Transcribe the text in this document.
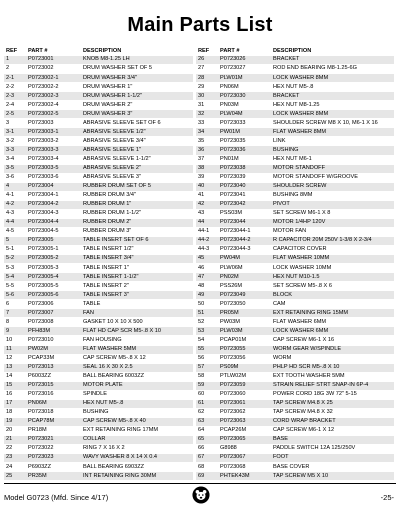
Main Parts List
REF	PART #	DESCRIPTION
1	P0723001	KNOB M8-1.25 LH
2	P0723002	DRUM WASHER SET OF 5
2-1	P0723002-1	DRUM WASHER 3/4"
2-2	P0723002-2	DRUM WASHER 1"
2-3	P0723002-3	DRUM WASHER 1-1/2"
2-4	P0723002-4	DRUM WASHER 2"
2-5	P0723002-5	DRUM WASHER 3"
3	P0723003	ABRASIVE SLEEVE SET OF 6
3-1	P0723003-1	ABRASIVE SLEEVE 1/2"
3-2	P0723003-2	ABRASIVE SLEEVE 3/4"
3-3	P0723003-3	ABRASIVE SLEEVE 1"
3-4	P0723003-4	ABRASIVE SLEEVE 1-1/2"
3-5	P0723003-5	ABRASIVE SLEEVE 2"
3-6	P0723003-6	ABRASIVE SLEEVE 3"
4	P0723004	RUBBER DRUM SET OF 5
4-1	P0723004-1	RUBBER DRUM 3/4"
4-2	P0723004-2	RUBBER DRUM 1"
4-3	P0723004-3	RUBBER DRUM 1-1/2"
4-4	P0723004-4	RUBBER DRUM 2"
4-5	P0723004-5	RUBBER DRUM 3"
5	P0723005	TABLE INSERT SET OF 6
5-1	P0723005-1	TABLE INSERT 1/2"
5-2	P0723005-2	TABLE INSERT 3/4"
5-3	P0723005-3	TABLE INSERT 1"
5-4	P0723005-4	TABLE INSERT 1-1/2"
5-5	P0723005-5	TABLE INSERT 2"
5-6	P0723005-6	TABLE INSERT 3"
6	P0723006	TABLE
7	P0723007	FAN
8	P0723008	GASKET 10 X 10 X 500
9	PFH83M	FLAT HD CAP SCR M5-.8 X 10
10	P0723010	FAN HOUSING
11	PW02M	FLAT WASHER 5MM
12	PCAP33M	CAP SCREW M5-.8 X 12
13	P0723013	SEAL 16 X 30 X 2.5
14	P6003ZZ	BALL BEARING 6003ZZ
15	P0723015	MOTOR PLATE
16	P0723016	SPINDLE
17	PN06M	HEX NUT M5-.8
18	P0723018	BUSHING
19	PCAP78M	CAP SCREW M5-.8 X 40
20	PR18M	EXT RETAINING RING 17MM
21	P0723021	COLLAR
22	P0723022	RING 7 X 16 X 2
23	P0723023	WAVY WASHER 8 X 14 X 0.4
24	P6903ZZ	BALL BEARING 6903ZZ
25	PR35M	INT RETAINING RING 30MM
REF	PART #	DESCRIPTION
26	P0723026	BRACKET
27	P0723027	ROD END BEARING M8-1.25-6G
28	PLW01M	LOCK WASHER 8MM
29	PN06M	HEX NUT M5-.8
30	P0723030	BRACKET
31	PN03M	HEX NUT M8-1.25
32	PLW04M	LOCK WASHER 8MM
33	P0723033	SHOULDER SCREW M8 X 10, M6-1 X 16
34	PW01M	FLAT WASHER 8MM
35	P0723035	LINK
36	P0723036	BUSHING
37	PN01M	HEX NUT M6-1
38	P0723038	MOTOR STANDOFF
39	P0723039	MOTOR STANDOFF W/GROOVE
40	P0723040	SHOULDER SCREW
41	P0723041	BUSHING 8MM
42	P0723042	PIVOT
43	PSS03M	SET SCREW M6-1 X 8
44	P0723044	MOTOR 1/4HP 120V
44-1	P0723044-1	MOTOR FAN
44-2	P0723044-2	R CAPACITOR 20M 250V 1-3/8 X 2-3/4
44-3	P0723044-3	CAPACITOR COVER
45	PW04M	FLAT WASHER 10MM
46	PLW06M	LOCK WASHER 10MM
47	PN02M	HEX NUT M10-1.5
48	PSS26M	SET SCREW M5-.8 X 6
49	P0723049	BLOCK
50	P0723050	CAM
51	PR05M	EXT RETAINING RING 15MM
52	PW03M	FLAT WASHER 6MM
53	PLW03M	LOCK WASHER 6MM
54	PCAP01M	CAP SCREW M6-1 X 16
55	P0723055	WORM GEAR W/SPINDLE
56	P0723056	WORM
57	PS09M	PHLP HD SCR M5-.8 X 10
58	PTLW02M	EXT TOOTH WASHER 5MM
59	P0723059	STRAIN RELIEF STRT SNAP-IN 6P-4
60	P0723060	POWER CORD 18G 3W 72" 5-15
61	P0723061	TAP SCREW M4.8 X 25
62	P0723062	TAP SCREW M4.8 X 32
63	P0723063	CORD WRAP BRACKET
64	PCAP26M	CAP SCREW M6-1 X 12
65	P0723065	BASE
66	G8988	PADDLE SWITCH 12A 125/250V
67	P0723067	FOOT
68	P0723068	BASE COVER
69	PHTEK43M	TAP SCREW M5 X 10
Model G0723 (Mfd. Since 4/17)	-25-
